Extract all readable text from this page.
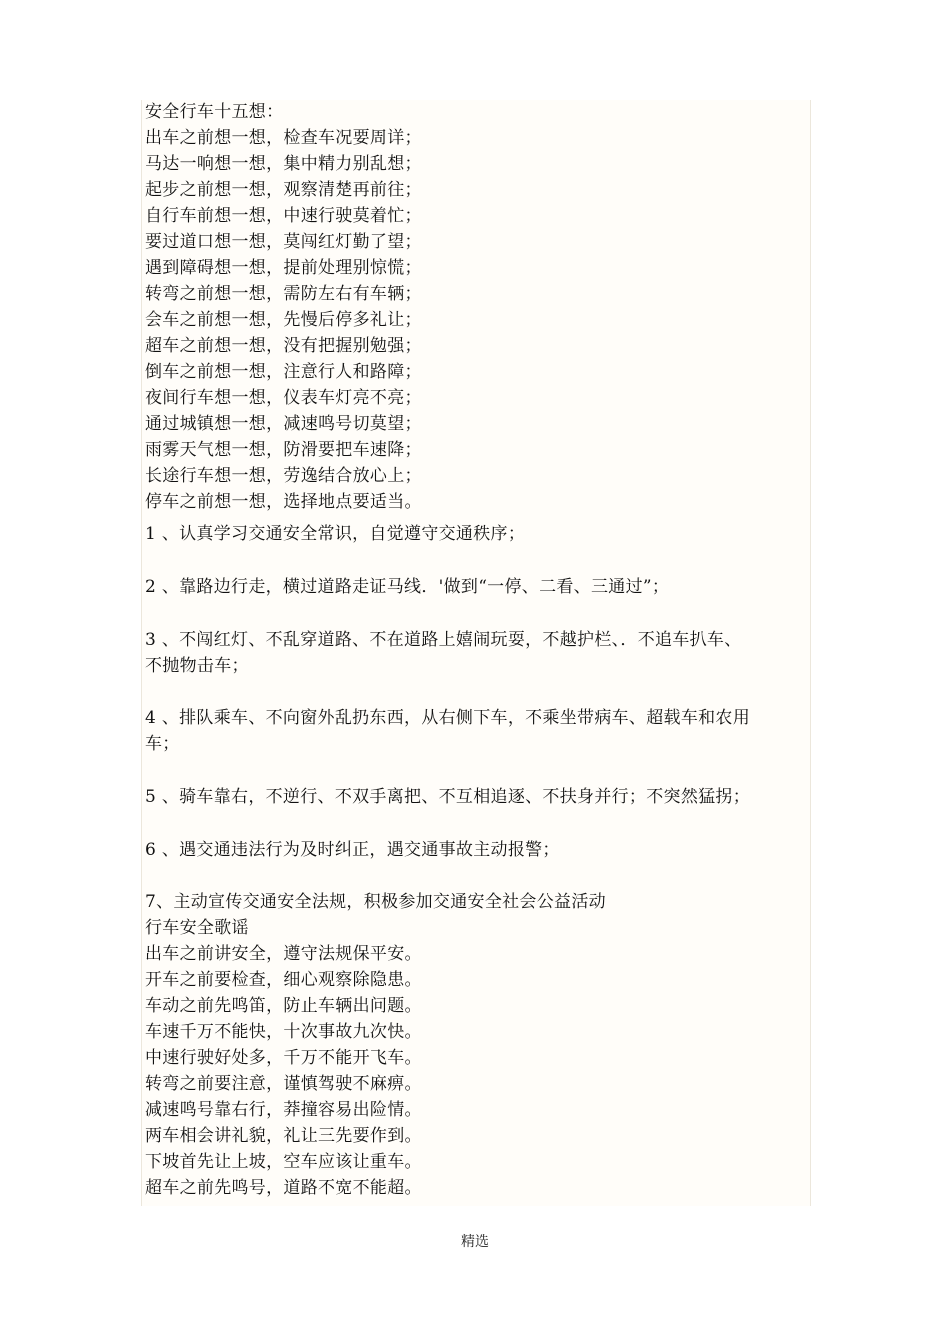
安全行车十五想：
出车之前想一想，检查车况要周详；
马达一响想一想，集中精力别乱想；
起步之前想一想，观察清楚再前往；
自行车前想一想，中速行驶莫着忙；
要过道口想一想，莫闯红灯勤了望；
遇到障碍想一想，提前处理别惊慌；
转弯之前想一想，需防左右有车辆；
会车之前想一想，先慢后停多礼让；
超车之前想一想，没有把握别勉强；
倒车之前想一想，注意行人和路障；
夜间行车想一想，仪表车灯亮不亮；
通过城镇想一想，减速鸣号切莫望；
雨雾天气想一想，防滑要把车速降；
长途行车想一想，劳逸结合放心上；
停车之前想一想，选择地点要适当。
1 、认真学习交通安全常识，自觉遵守交通秩序；
2 、靠路边行走，横过道路走证马线．'做到“一停、二看、三通过”；
3 、不闯红灯、不乱穿道路、不在道路上嬉闹玩耍，不越护栏、．不追车扒车、
不抛物击车；
4 、排队乘车、不向窗外乱扔东西，从右侧下车，不乘坐带病车、超载车和农用
车；
5 、骑车靠右，不逆行、不双手离把、不互相追逐、不扶身并行；不突然猛拐；
6 、遇交通违法行为及时纠正，遇交通事故主动报警；
7、主动宣传交通安全法规，积极参加交通安全社会公益活动
行车安全歌谣
出车之前讲安全，遵守法规保平安。
开车之前要检查，细心观察除隐患。
车动之前先鸣笛，防止车辆出问题。
车速千万不能快，十次事故九次快。
中速行驶好处多，千万不能开飞车。
转弯之前要注意，谨慎驾驶不麻痹。
减速鸣号靠右行，莽撞容易出险情。
两车相会讲礼貌，礼让三先要作到。
下坡首先让上坡，空车应该让重车。
超车之前先鸣号，道路不宽不能超。
精选
